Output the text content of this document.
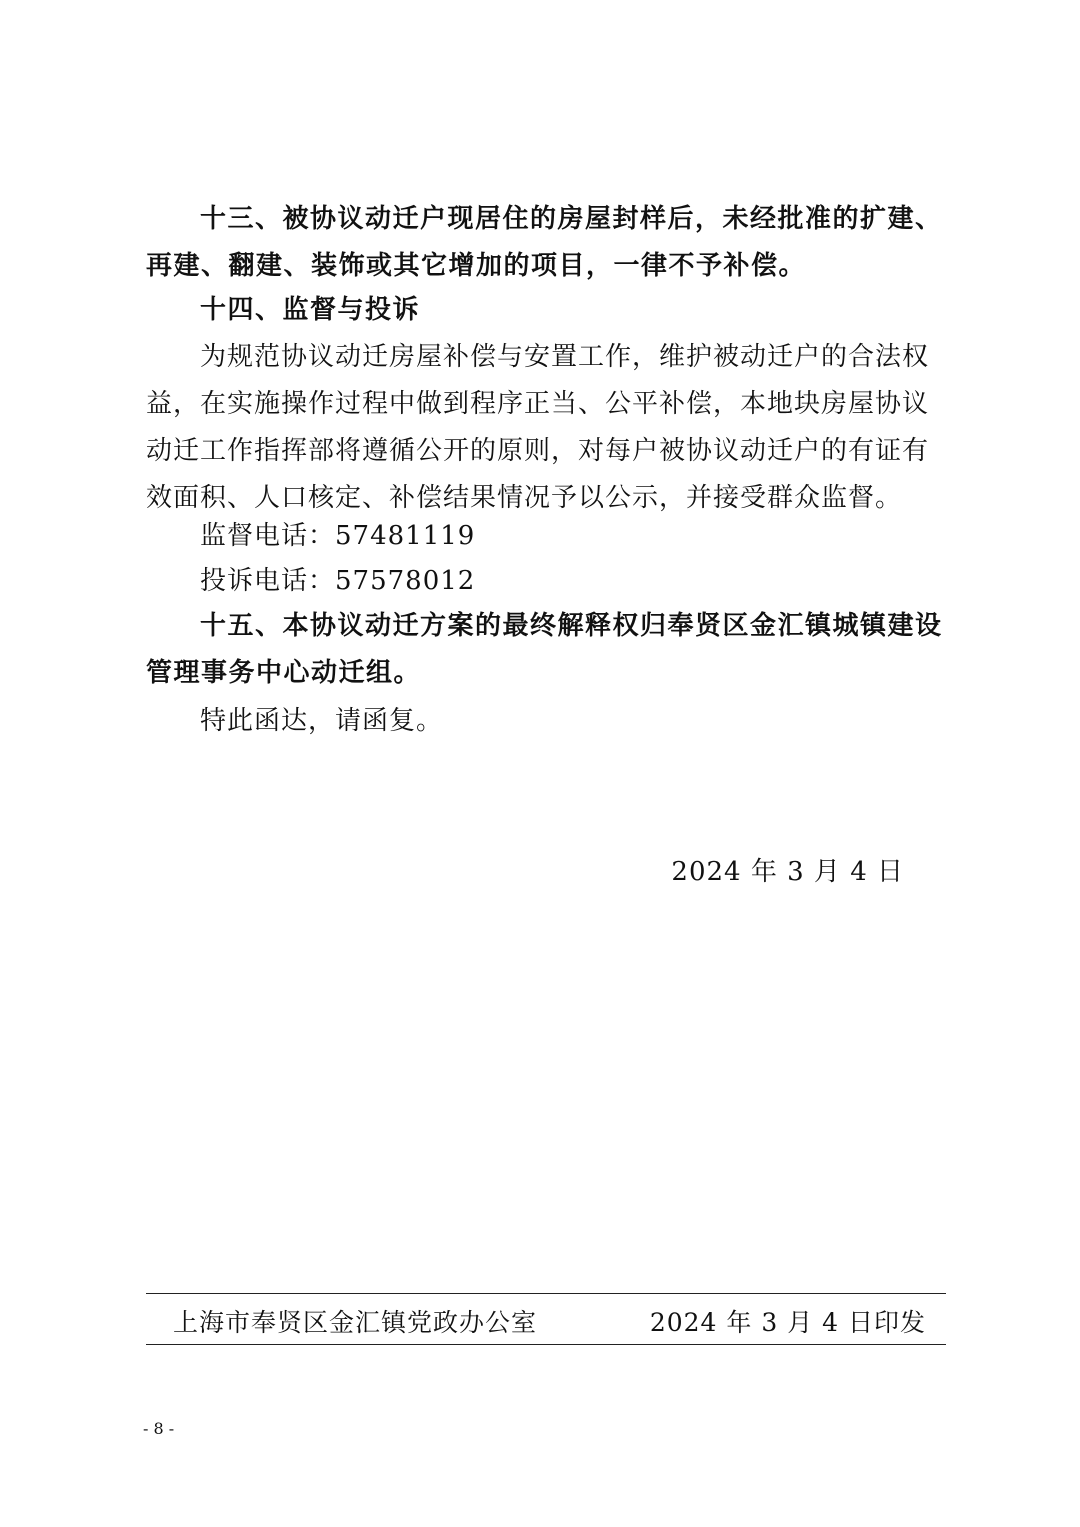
十三、被协议动迁户现居住的房屋封样后，未经批准的扩建、再建、翻建、装饰或其它增加的项目，一律不予补偿。

十四、监督与投诉

为规范协议动迁房屋补偿与安置工作，维护被动迁户的合法权益，在实施操作过程中做到程序正当、公平补偿，本地块房屋协议动迁工作指挥部将遵循公开的原则，对每户被协议动迁户的有证有效面积、人口核定、补偿结果情况予以公示，并接受群众监督。

监督电话：57481119

投诉电话：57578012

十五、本协议动迁方案的最终解释权归奉贤区金汇镇城镇建设管理事务中心动迁组。

特此函达，请函复。

2024 年 3 月 4 日
上海市奉贤区金汇镇党政办公室	2024 年 3 月 4 日印发
- 8 -
